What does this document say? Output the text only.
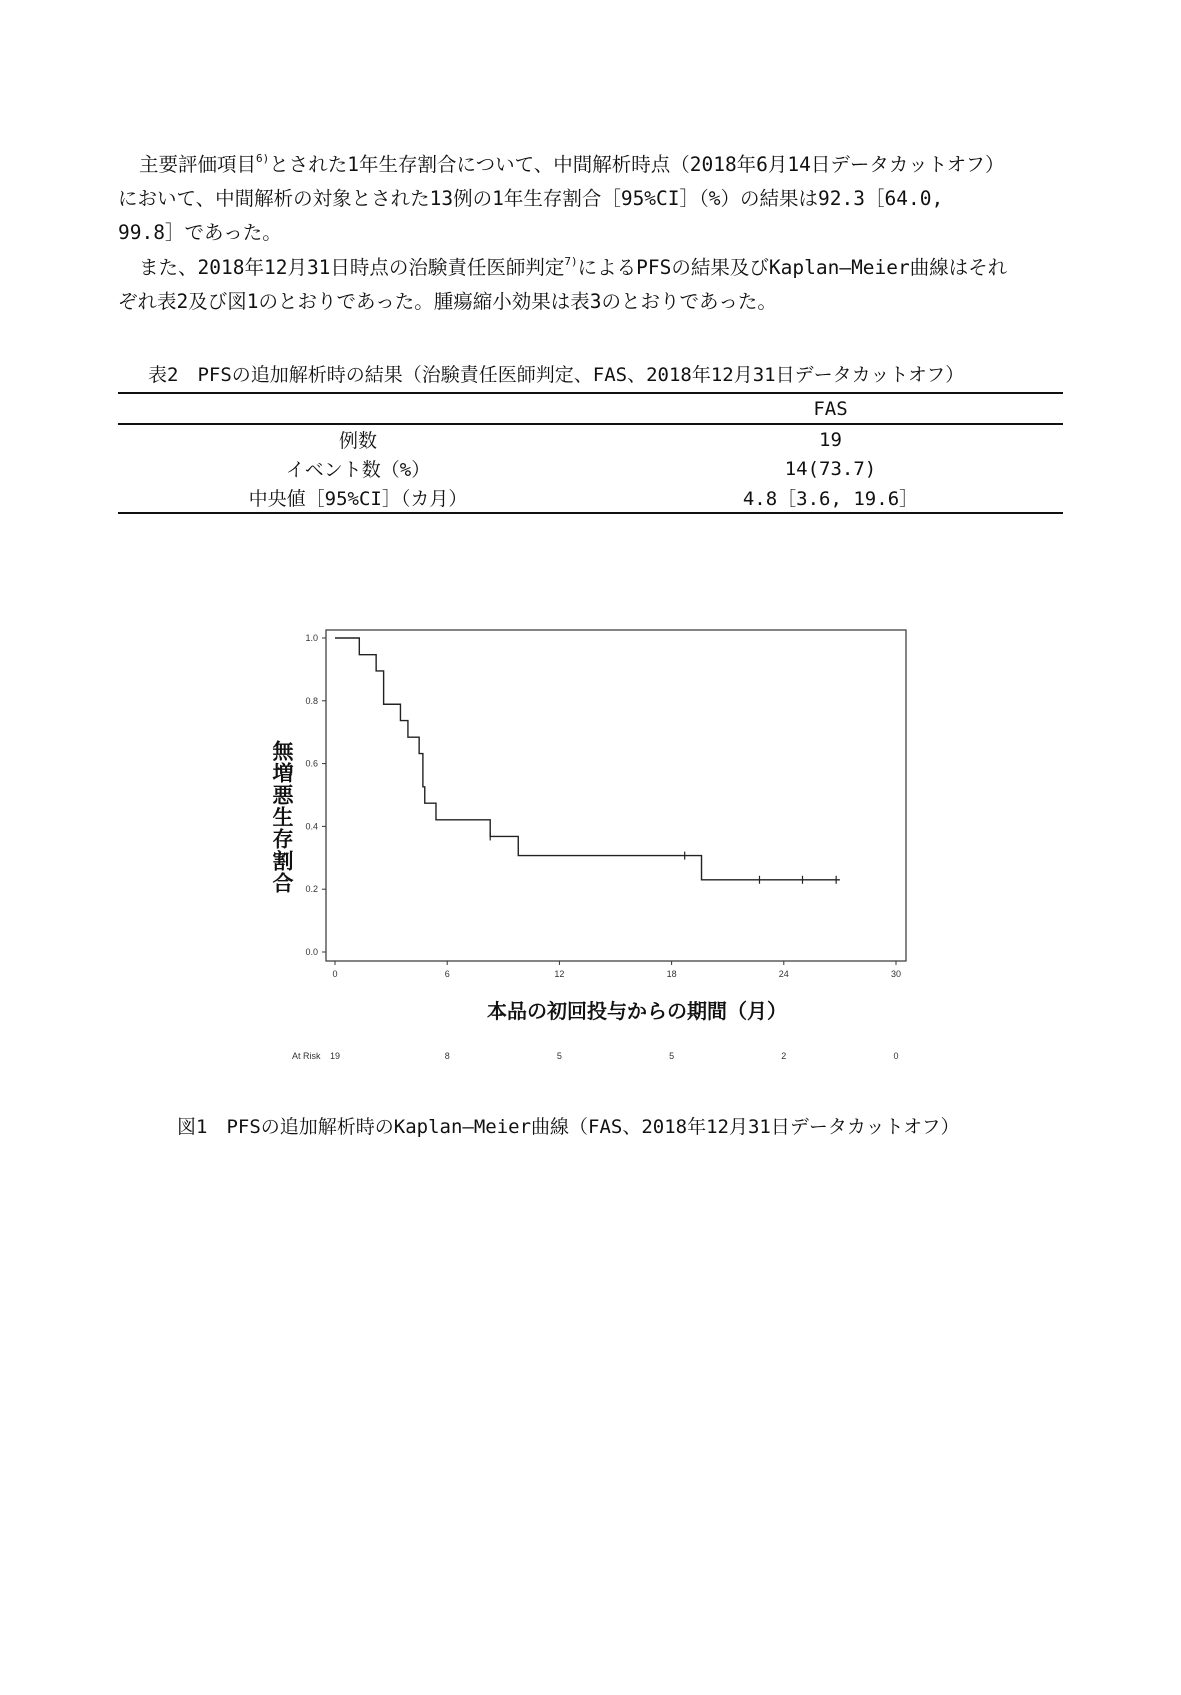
主要評価項目$^{6)}$とされた1年生存割合について、中間解析時点（2018年6月14日データカットオフ）

において、中間解析の対象とされた13例の1年生存割合［95%CI］（%）の結果は92.3［64.0,

99.8］であった。

また、2018年12月31日時点の治験責任医師判定$^{7)}$によるPFSの結果及びKaplan―Meier曲線はそれ

ぞれ表2及び図1のとおりであった。腫瘍縮小効果は表3のとおりであった。

表2　PFSの追加解析時の結果（治験責任医師判定、FAS、2018年12月31日データカットオフ）

	FAS
例数	19
イベント数（%）	14(73.7)
中央値［95%CI］（カ月）	4.8［3.6, 19.6］
0.0
0.2
0.4
0.6
0.8
1.0
0	6	12	18	24	30
無増悪生存割合
本品の初回投与からの期間（月）
At Risk 19	8	5	5	2	0

図1　PFSの追加解析時のKaplan―Meier曲線（FAS、2018年12月31日データカットオフ）
